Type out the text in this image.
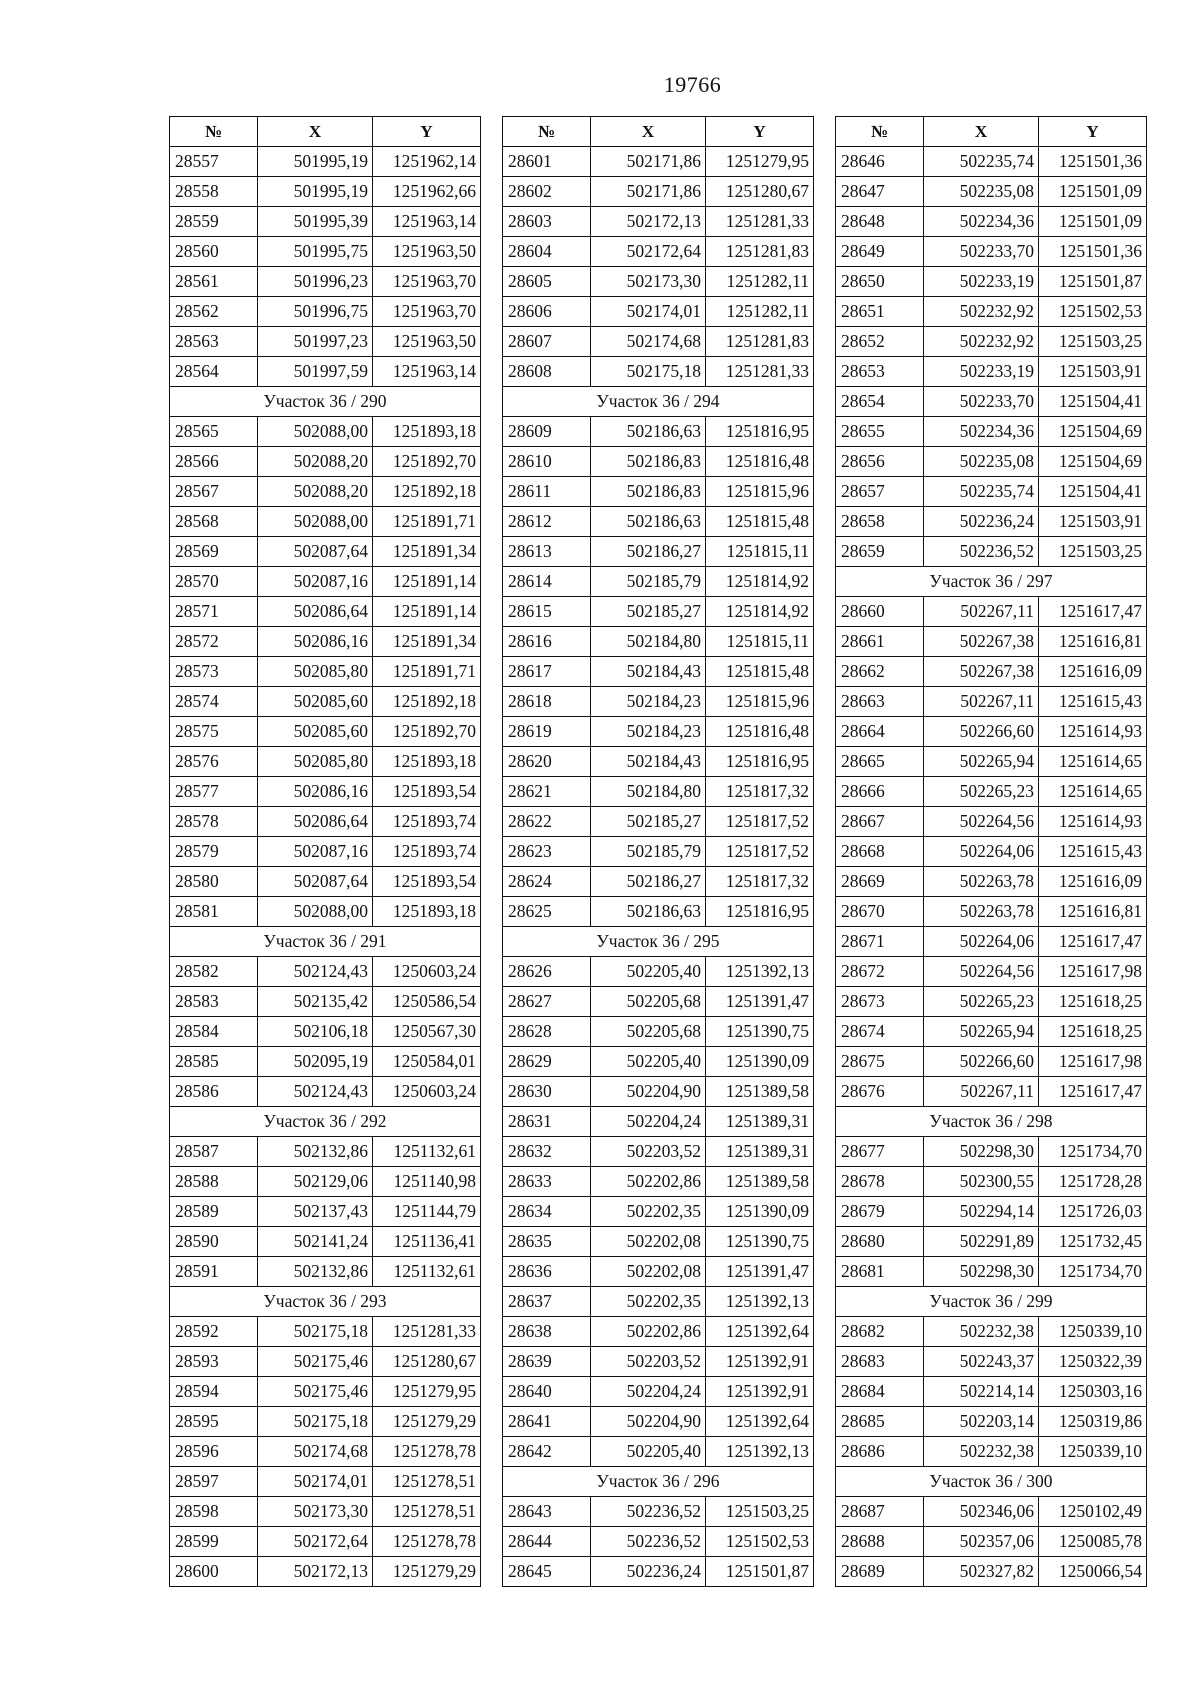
19766
№	X	Y
28557	501995,19	1251962,14
28558	501995,19	1251962,66
28559	501995,39	1251963,14
28560	501995,75	1251963,50
28561	501996,23	1251963,70
28562	501996,75	1251963,70
28563	501997,23	1251963,50
28564	501997,59	1251963,14
Участок 36 / 290		
28565	502088,00	1251893,18
28566	502088,20	1251892,70
28567	502088,20	1251892,18
28568	502088,00	1251891,71
28569	502087,64	1251891,34
28570	502087,16	1251891,14
28571	502086,64	1251891,14
28572	502086,16	1251891,34
28573	502085,80	1251891,71
28574	502085,60	1251892,18
28575	502085,60	1251892,70
28576	502085,80	1251893,18
28577	502086,16	1251893,54
28578	502086,64	1251893,74
28579	502087,16	1251893,74
28580	502087,64	1251893,54
28581	502088,00	1251893,18
Участок 36 / 291		
28582	502124,43	1250603,24
28583	502135,42	1250586,54
28584	502106,18	1250567,30
28585	502095,19	1250584,01
28586	502124,43	1250603,24
Участок 36 / 292		
28587	502132,86	1251132,61
28588	502129,06	1251140,98
28589	502137,43	1251144,79
28590	502141,24	1251136,41
28591	502132,86	1251132,61
Участок 36 / 293		
28592	502175,18	1251281,33
28593	502175,46	1251280,67
28594	502175,46	1251279,95
28595	502175,18	1251279,29
28596	502174,68	1251278,78
28597	502174,01	1251278,51
28598	502173,30	1251278,51
28599	502172,64	1251278,78
28600	502172,13	1251279,29
№	X	Y
28601	502171,86	1251279,95
28602	502171,86	1251280,67
28603	502172,13	1251281,33
28604	502172,64	1251281,83
28605	502173,30	1251282,11
28606	502174,01	1251282,11
28607	502174,68	1251281,83
28608	502175,18	1251281,33
Участок 36 / 294		
28609	502186,63	1251816,95
28610	502186,83	1251816,48
28611	502186,83	1251815,96
28612	502186,63	1251815,48
28613	502186,27	1251815,11
28614	502185,79	1251814,92
28615	502185,27	1251814,92
28616	502184,80	1251815,11
28617	502184,43	1251815,48
28618	502184,23	1251815,96
28619	502184,23	1251816,48
28620	502184,43	1251816,95
28621	502184,80	1251817,32
28622	502185,27	1251817,52
28623	502185,79	1251817,52
28624	502186,27	1251817,32
28625	502186,63	1251816,95
Участок 36 / 295		
28626	502205,40	1251392,13
28627	502205,68	1251391,47
28628	502205,68	1251390,75
28629	502205,40	1251390,09
28630	502204,90	1251389,58
28631	502204,24	1251389,31
28632	502203,52	1251389,31
28633	502202,86	1251389,58
28634	502202,35	1251390,09
28635	502202,08	1251390,75
28636	502202,08	1251391,47
28637	502202,35	1251392,13
28638	502202,86	1251392,64
28639	502203,52	1251392,91
28640	502204,24	1251392,91
28641	502204,90	1251392,64
28642	502205,40	1251392,13
Участок 36 / 296		
28643	502236,52	1251503,25
28644	502236,52	1251502,53
28645	502236,24	1251501,87
№	X	Y
28646	502235,74	1251501,36
28647	502235,08	1251501,09
28648	502234,36	1251501,09
28649	502233,70	1251501,36
28650	502233,19	1251501,87
28651	502232,92	1251502,53
28652	502232,92	1251503,25
28653	502233,19	1251503,91
28654	502233,70	1251504,41
28655	502234,36	1251504,69
28656	502235,08	1251504,69
28657	502235,74	1251504,41
28658	502236,24	1251503,91
28659	502236,52	1251503,25
Участок 36 / 297		
28660	502267,11	1251617,47
28661	502267,38	1251616,81
28662	502267,38	1251616,09
28663	502267,11	1251615,43
28664	502266,60	1251614,93
28665	502265,94	1251614,65
28666	502265,23	1251614,65
28667	502264,56	1251614,93
28668	502264,06	1251615,43
28669	502263,78	1251616,09
28670	502263,78	1251616,81
28671	502264,06	1251617,47
28672	502264,56	1251617,98
28673	502265,23	1251618,25
28674	502265,94	1251618,25
28675	502266,60	1251617,98
28676	502267,11	1251617,47
Участок 36 / 298		
28677	502298,30	1251734,70
28678	502300,55	1251728,28
28679	502294,14	1251726,03
28680	502291,89	1251732,45
28681	502298,30	1251734,70
Участок 36 / 299		
28682	502232,38	1250339,10
28683	502243,37	1250322,39
28684	502214,14	1250303,16
28685	502203,14	1250319,86
28686	502232,38	1250339,10
Участок 36 / 300		
28687	502346,06	1250102,49
28688	502357,06	1250085,78
28689	502327,82	1250066,54
